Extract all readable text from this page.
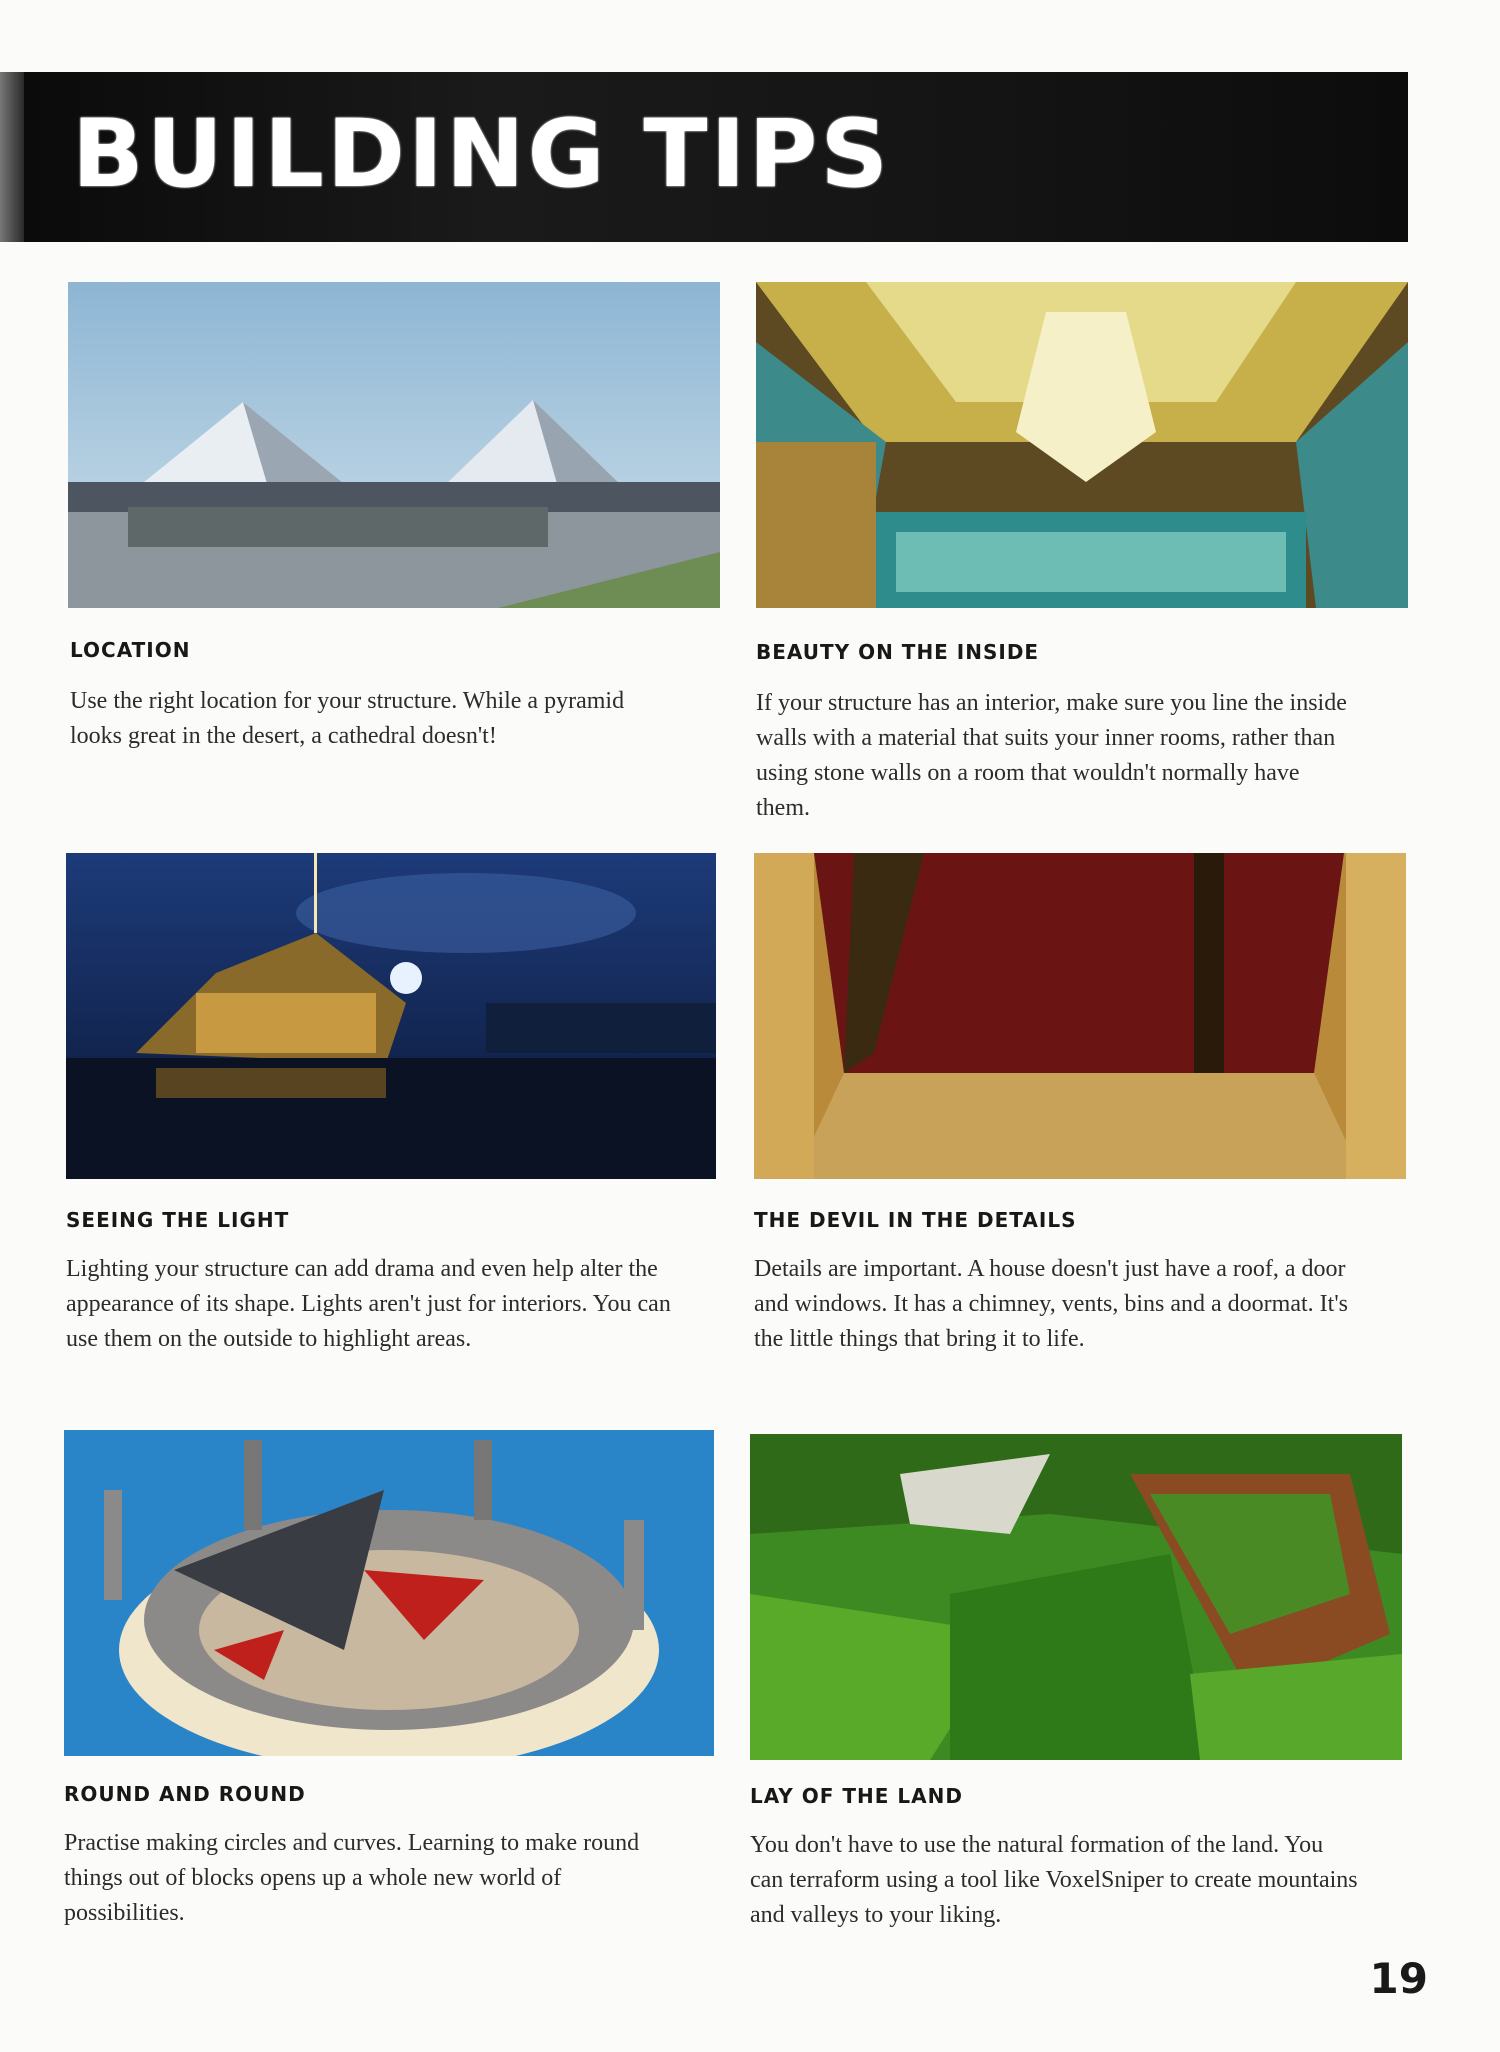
BUILDING TIPS
LOCATION

Use the right location for your structure. While a pyramid looks great in the desert, a cathedral doesn't!

BEAUTY ON THE INSIDE

If your structure has an interior, make sure you line the inside walls with a material that suits your inner rooms, rather than using stone walls on a room that wouldn't normally have them.

SEEING THE LIGHT

Lighting your structure can add drama and even help alter the appearance of its shape. Lights aren't just for interiors. You can use them on the outside to highlight areas.

THE DEVIL IN THE DETAILS

Details are important. A house doesn't just have a roof, a door and windows. It has a chimney, vents, bins and a doormat. It's the little things that bring it to life.

ROUND AND ROUND

Practise making circles and curves. Learning to make round things out of blocks opens up a whole new world of possibilities.

LAY OF THE LAND

You don't have to use the natural formation of the land. You can terraform using a tool like VoxelSniper to create mountains and valleys to your liking.

19
